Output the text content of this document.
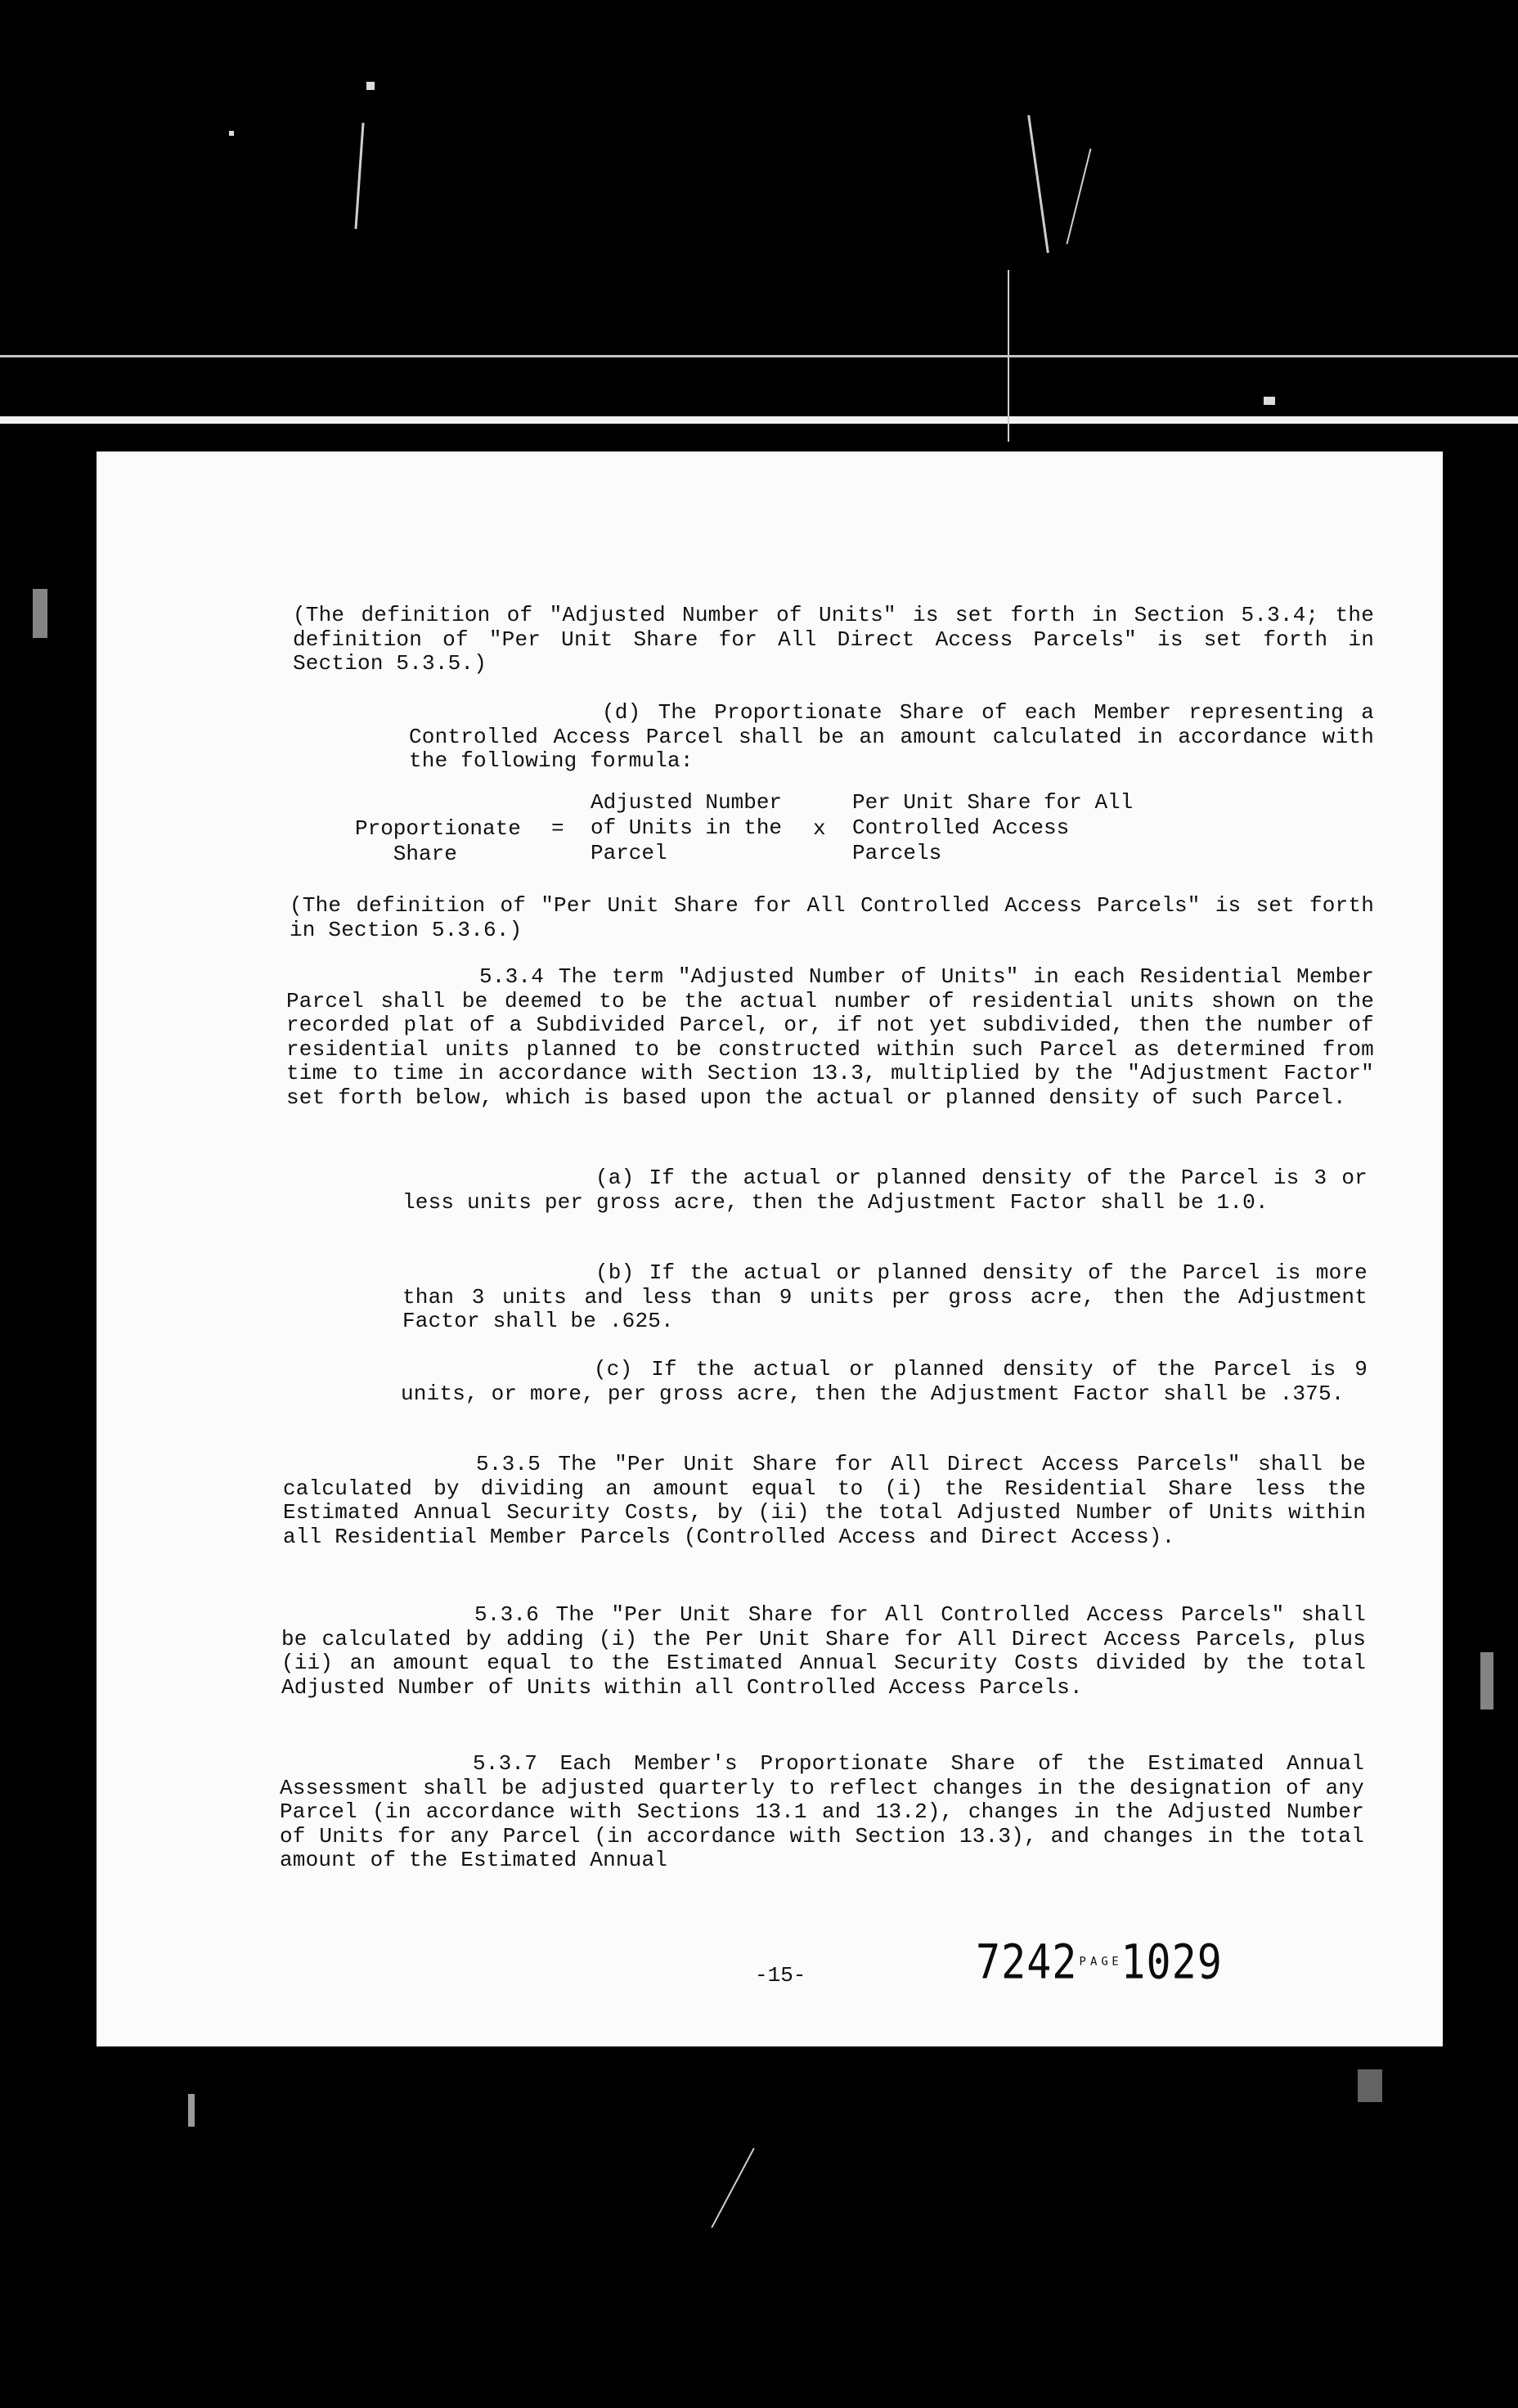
(The definition of "Adjusted Number of Units" is set forth in Section 5.3.4; the definition of "Per Unit Share for All Direct Access Parcels" is set forth in Section 5.3.5.)

(d) The Proportionate Share of each Member representing a Controlled Access Parcel shall be an amount calculated in accordance with the following formula:

Proportionate
Share
=
Adjusted Number
of Units in the
Parcel
x
Per Unit Share for All
Controlled Access
Parcels

(The definition of "Per Unit Share for All Controlled Access Parcels" is set forth in Section 5.3.6.)

5.3.4 The term "Adjusted Number of Units" in each Residential Member Parcel shall be deemed to be the actual number of residential units shown on the recorded plat of a Subdivided Parcel, or, if not yet subdivided, then the number of residential units planned to be constructed within such Parcel as determined from time to time in accordance with Section 13.3, multiplied by the "Adjustment Factor" set forth below, which is based upon the actual or planned density of such Parcel.

(a) If the actual or planned density of the Parcel is 3 or less units per gross acre, then the Adjustment Factor shall be 1.0.

(b) If the actual or planned density of the Parcel is more than 3 units and less than 9 units per gross acre, then the Adjustment Factor shall be .625.

(c) If the actual or planned density of the Parcel is 9 units, or more, per gross acre, then the Adjustment Factor shall be .375.

5.3.5 The "Per Unit Share for All Direct Access Parcels" shall be calculated by dividing an amount equal to (i) the Residential Share less the Estimated Annual Security Costs, by (ii) the total Adjusted Number of Units within all Residential Member Parcels (Controlled Access and Direct Access).

5.3.6 The "Per Unit Share for All Controlled Access Parcels" shall be calculated by adding (i) the Per Unit Share for All Direct Access Parcels, plus (ii) an amount equal to the Estimated Annual Security Costs divided by the total Adjusted Number of Units within all Controlled Access Parcels.

5.3.7 Each Member's Proportionate Share of the Estimated Annual Assessment shall be adjusted quarterly to reflect changes in the designation of any Parcel (in accordance with Sections 13.1 and 13.2), changes in the Adjusted Number of Units for any Parcel (in accordance with Section 13.3), and changes in the total amount of the Estimated Annual

-15-	7242ᴾᴬᴳᴱ1029
